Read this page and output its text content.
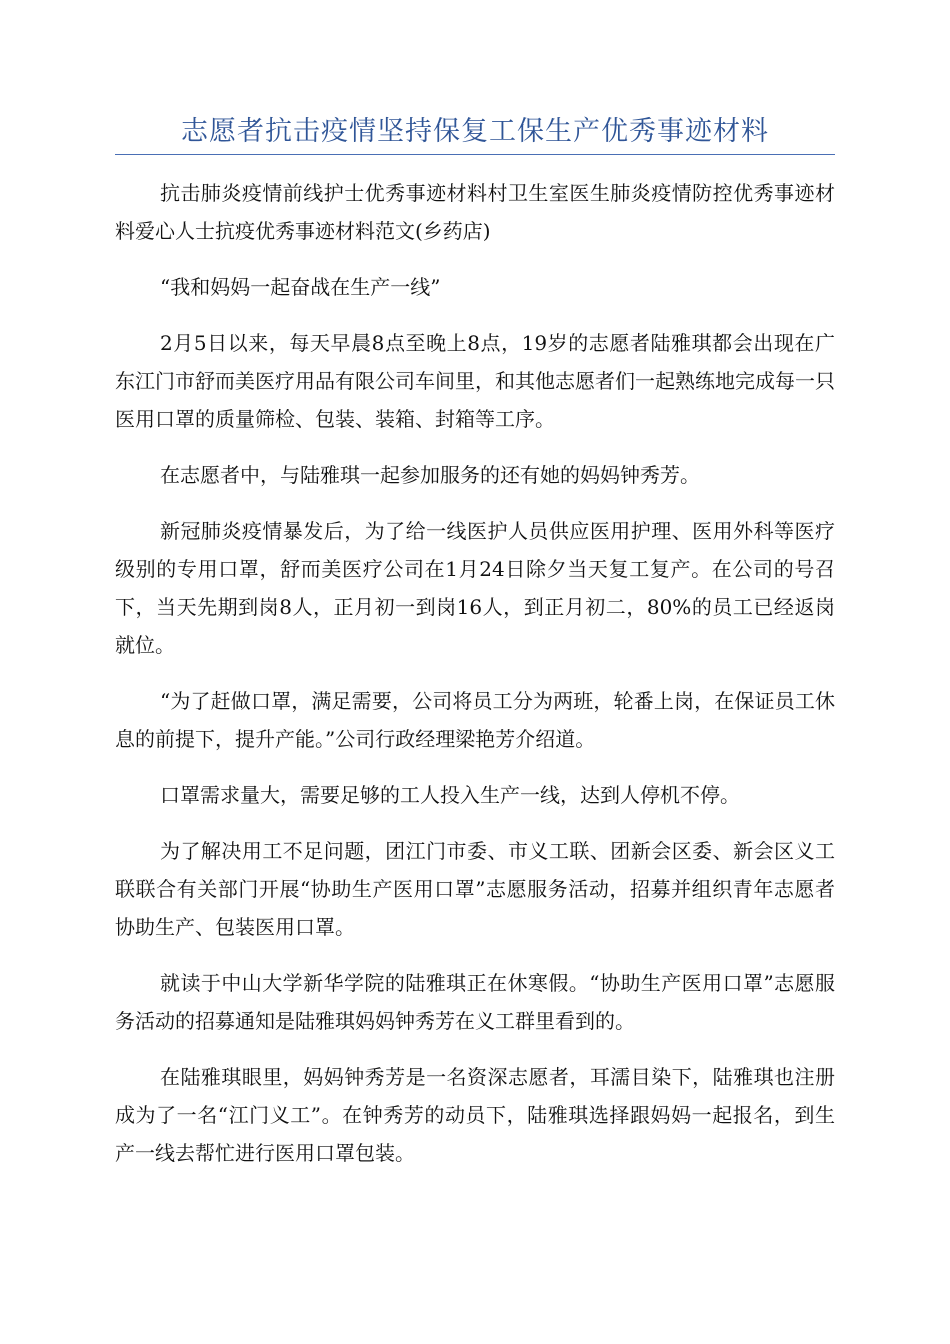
志愿者抗击疫情坚持保复工保生产优秀事迹材料

抗击肺炎疫情前线护士优秀事迹材料村卫生室医生肺炎疫情防控优秀事迹材料爱心人士抗疫优秀事迹材料范文(乡药店)

“我和妈妈一起奋战在生产一线”

2月5日以来，每天早晨8点至晚上8点，19岁的志愿者陆雅琪都会出现在广东江门市舒而美医疗用品有限公司车间里，和其他志愿者们一起熟练地完成每一只医用口罩的质量筛检、包装、装箱、封箱等工序。

在志愿者中，与陆雅琪一起参加服务的还有她的妈妈钟秀芳。

新冠肺炎疫情暴发后，为了给一线医护人员供应医用护理、医用外科等医疗级别的专用口罩，舒而美医疗公司在1月24日除夕当天复工复产。在公司的号召下，当天先期到岗8人，正月初一到岗16人，到正月初二，80%的员工已经返岗就位。

“为了赶做口罩，满足需要，公司将员工分为两班，轮番上岗，在保证员工休息的前提下，提升产能。”公司行政经理梁艳芳介绍道。

口罩需求量大，需要足够的工人投入生产一线，达到人停机不停。

为了解决用工不足问题，团江门市委、市义工联、团新会区委、新会区义工联联合有关部门开展“协助生产医用口罩”志愿服务活动，招募并组织青年志愿者协助生产、包装医用口罩。

就读于中山大学新华学院的陆雅琪正在休寒假。“协助生产医用口罩”志愿服务活动的招募通知是陆雅琪妈妈钟秀芳在义工群里看到的。

在陆雅琪眼里，妈妈钟秀芳是一名资深志愿者，耳濡目染下，陆雅琪也注册成为了一名“江门义工”。在钟秀芳的动员下，陆雅琪选择跟妈妈一起报名，到生产一线去帮忙进行医用口罩包装。
